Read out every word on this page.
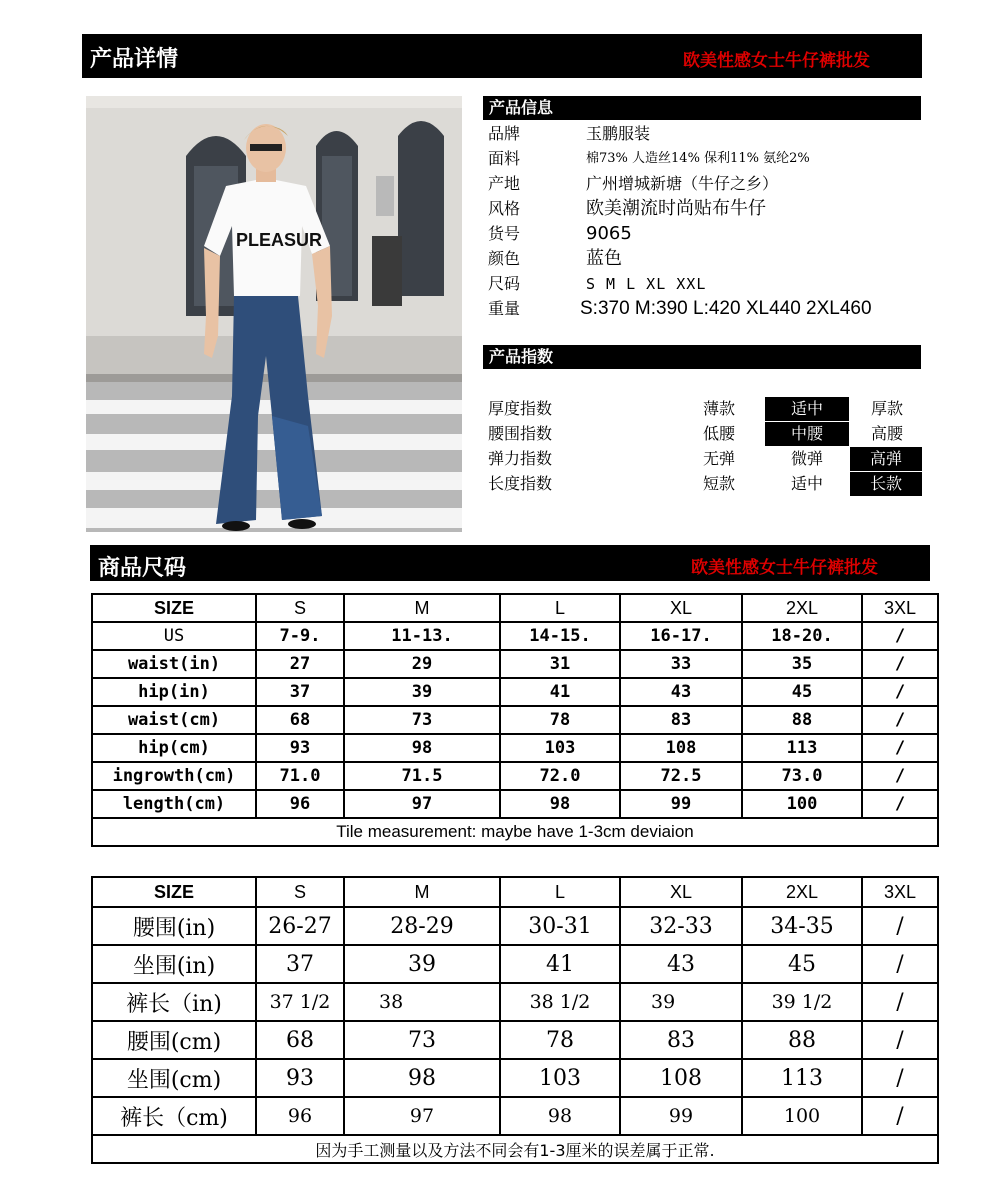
产品详情	欧美性感女士牛仔裤批发
PLEASUR
产品信息
品牌	玉鹏服装
面料	棉73% 人造丝14% 保利11% 氨纶2%
产地	广州增城新塘（牛仔之乡）
风格	欧美潮流时尚贴布牛仔
货号	9065
颜色	蓝色
尺码	S M L XL XXL
重量	S:370 M:390 L:420 XL440 2XL460
产品指数
厚度指数	薄款	适中	厚款
腰围指数	低腰	中腰	高腰
弹力指数	无弹	微弹	高弹
长度指数	短款	适中	长款
商品尺码	欧美性感女士牛仔裤批发
SIZE	S	M	L	XL	2XL	3XL
US	7-9.	11-13.	14-15.	16-17.	18-20.	/
waist(in)	27	29	31	33	35	/
hip(in)	37	39	41	43	45	/
waist(cm)	68	73	78	83	88	/
hip(cm)	93	98	103	108	113	/
ingrowth(cm)	71.0	71.5	72.0	72.5	73.0	/
length(cm)	96	97	98	99	100	/
Tile measurement: maybe have 1-3cm deviaion						
SIZE	S	M	L	XL	2XL	3XL
腰围(in)	26-27	28-29	30-31	32-33	34-35	/
坐围(in)	37	39	41	43	45	/
裤长（in)	37 1/2	38	38 1/2	39	39 1/2	/
腰围(cm)	68	73	78	83	88	/
坐围(cm)	93	98	103	108	113	/
裤长（cm)	96	97	98	99	100	/
因为手工测量以及方法不同会有1-3厘米的误差属于正常.						
